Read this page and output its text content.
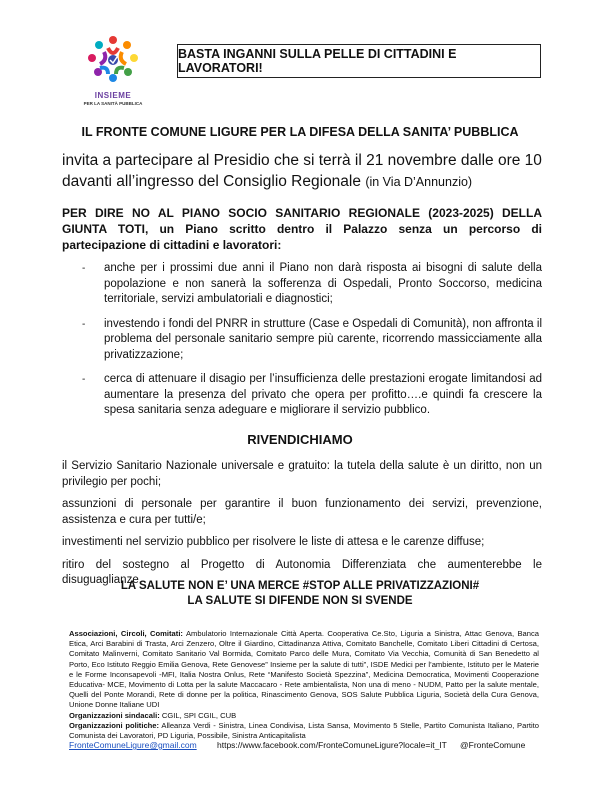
INSIEME
PER LA SANITÀ PUBBLICA
BASTA INGANNI SULLA PELLE DI CITTADINI E LAVORATORI!
IL FRONTE COMUNE LIGURE PER LA DIFESA DELLA SANITA’ PUBBLICA
invita a partecipare al Presidio che si terrà il 21 novembre dalle ore 10 davanti all’ingresso del Consiglio Regionale (in Via D’Annunzio)
PER DIRE NO AL PIANO SOCIO SANITARIO REGIONALE (2023-2025) DELLA GIUNTA TOTI, un Piano scritto dentro il Palazzo senza un percorso di partecipazione di cittadini e lavoratori:
- anche per i prossimi due anni il Piano non darà risposta ai bisogni di salute della popolazione e non sanerà la sofferenza di Ospedali, Pronto Soccorso, medicina territoriale, servizi ambulatoriali e diagnostici;
- investendo i fondi del PNRR in strutture (Case e Ospedali di Comunità), non affronta il problema del personale sanitario sempre più carente, ricorrendo massicciamente alla privatizzazione;
- cerca di attenuare il disagio per l’insufficienza delle prestazioni erogate limitandosi ad aumentare la presenza del privato che opera per profitto….e quindi fa crescere la spesa sanitaria senza adeguare e migliorare il servizio pubblico.
RIVENDICHIAMO
il Servizio Sanitario Nazionale universale e gratuito: la tutela della salute è un diritto, non un privilegio per pochi;
assunzioni di personale per garantire il buon funzionamento dei servizi, prevenzione, assistenza e cura per tutti/e;
investimenti nel servizio pubblico per risolvere le liste di attesa e le carenze diffuse;
ritiro del sostegno al Progetto di Autonomia Differenziata che aumenterebbe le disuguaglianze.
LA SALUTE NON E’ UNA MERCE #STOP ALLE PRIVATIZZAZIONI#
LA SALUTE SI DIFENDE NON SI SVENDE
Associazioni, Circoli, Comitati: Ambulatorio Internazionale Città Aperta. Cooperativa Ce.Sto, Liguria a Sinistra, Attac Genova, Banca Etica, Arci Barabini di Trasta, Arci Zenzero, Oltre il Giardino, Cittadinanza Attiva, Comitato Banchelle, Comitato Liberi Cittadini di Certosa, Comitato Malinverni, Comitato Sanitario Val Bormida, Comitato Parco delle Mura, Comitato Via Vecchia, Comunità di San Benedetto al Porto, Eco Istituto Reggio Emilia Genova, Rete Genovese” Insieme per la salute di tutti”, ISDE Medici per l’ambiente, Istituto per le Materie e le Forme Inconsapevoli -MFI, Italia Nostra Onlus, Rete “Manifesto Società Spezzina”, Medicina Democratica, Movimenti Cooperazione Educativa- MCE, Movimento di Lotta per la salute Maccacaro - Rete ambientalista, Non una di meno - NUDM, Patto per la salute mentale, Quelli del Ponte Morandi, Rete di donne per la politica, Rinascimento Genova, SOS Salute Pubblica Liguria, Società della Cura Genova, Unione Donne Italiane UDI
Organizzazioni sindacali: CGIL, SPI CGIL, CUB
Organizzazioni politiche: Alleanza Verdi - Sinistra, Linea Condivisa, Lista Sansa, Movimento 5 Stelle, Partito Comunista Italiano, Partito Comunista dei Lavoratori, PD Liguria, Possibile, Sinistra Anticapitalista
FronteComuneLigure@gmail.com https://www.facebook.com/FronteComuneLigure?locale=it_IT @FronteComune
